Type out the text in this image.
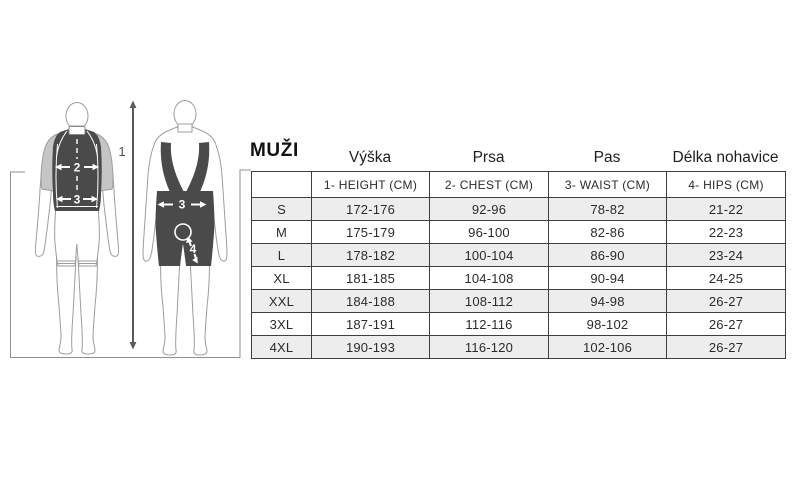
2
3
1
3
4
MUŽI	Výška	Prsa	Pas	Délka nohavice
	1- HEIGHT (CM)	2- CHEST (CM)	3- WAIST (CM)	4- HIPS (CM)
S	172-176	92-96	78-82	21-22
M	175-179	96-100	82-86	22-23
L	178-182	100-104	86-90	23-24
XL	181-185	104-108	90-94	24-25
XXL	184-188	108-112	94-98	26-27
3XL	187-191	112-116	98-102	26-27
4XL	190-193	116-120	102-106	26-27
